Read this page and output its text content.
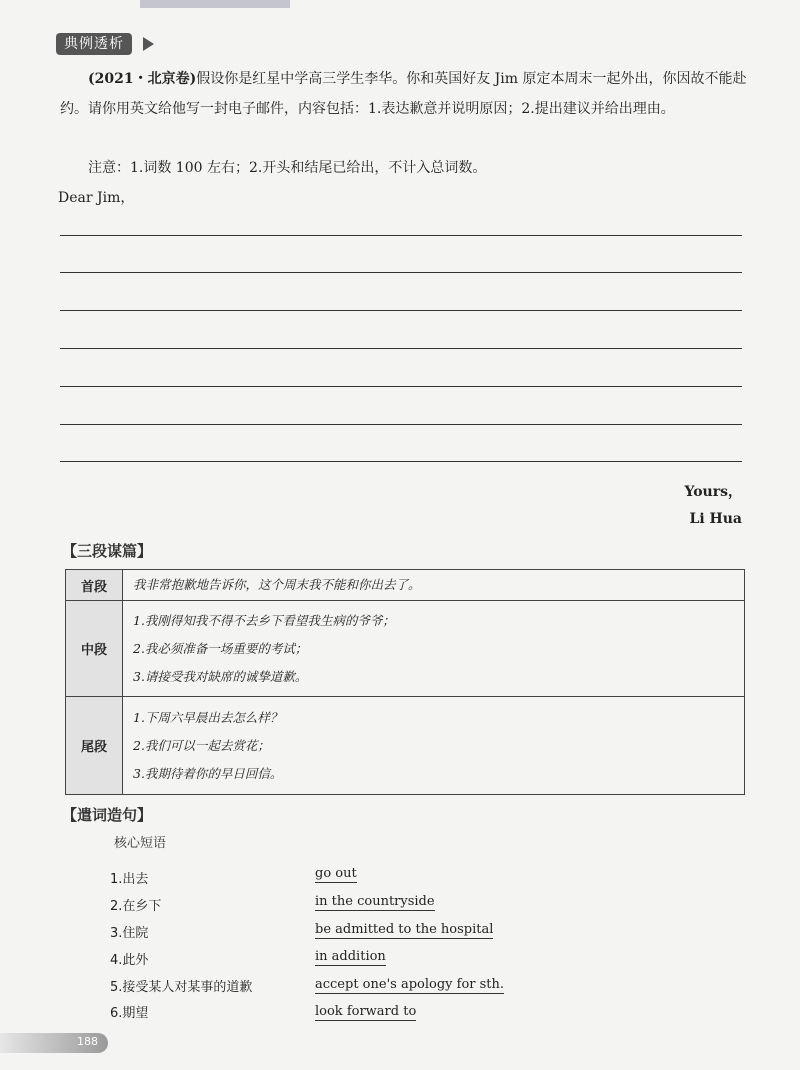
典例透析

(2021・北京卷)假设你是红星中学高三学生李华。你和英国好友 Jim 原定本周末一起外出，你因故不能赴约。请你用英文给他写一封电子邮件，内容包括：1.表达歉意并说明原因；2.提出建议并给出理由。

注意：1.词数 100 左右；2.开头和结尾已给出，不计入总词数。

Dear Jim，

Yours，

Li Hua

【三段谋篇】

首段	我非常抱歉地告诉你，这个周末我不能和你出去了。

中段	1.我刚得知我不得不去乡下看望我生病的爷爷；

2.我必须准备一场重要的考试；

3.请接受我对缺席的诚挚道歉。

尾段	1.下周六早晨出去怎么样？

2.我们可以一起去赏花；

3.我期待着你的早日回信。

【遣词造句】

核心短语

1.出去	go out

2.在乡下	in the countryside

3.住院	be admitted to the hospital

4.此外	in addition

5.接受某人对某事的道歉	accept one's apology for sth.

6.期望	look forward to

188
